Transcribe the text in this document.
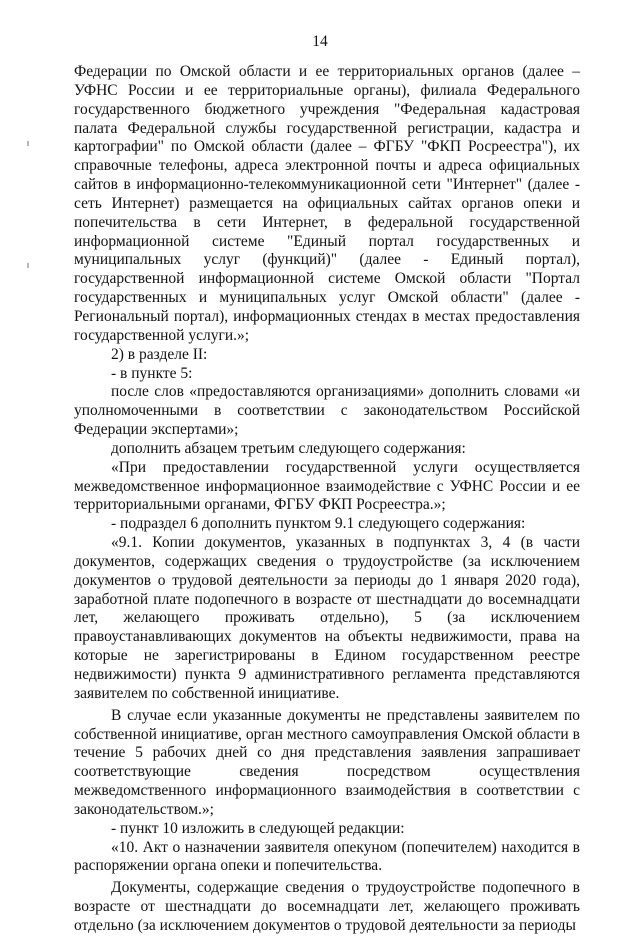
14

Федерации по Омской области и ее территориальных органов (далее – УФНС России и ее территориальные органы), филиала Федерального государственного бюджетного учреждения "Федеральная кадастровая палата Федеральной службы государственной регистрации, кадастра и картографии" по Омской области (далее – ФГБУ "ФКП Росреестра"), их справочные телефоны, адреса электронной почты и адреса официальных сайтов в информационно-телекоммуникационной сети "Интернет" (далее - сеть Интернет) размещается на официальных сайтах органов опеки и попечительства в сети Интернет, в федеральной государственной информационной системе "Единый портал государственных и муниципальных услуг (функций)" (далее - Единый портал), государственной информационной системе Омской области "Портал государственных и муниципальных услуг Омской области" (далее - Региональный портал), информационных стендах в местах предоставления государственной услуги.»;

2) в разделе II:

- в пункте 5:

после слов «предоставляются организациями» дополнить словами «и уполномоченными в соответствии с законодательством Российской Федерации экспертами»;

дополнить абзацем третьим следующего содержания:

«При предоставлении государственной услуги осуществляется межведомственное информационное взаимодействие с УФНС России и ее территориальными органами, ФГБУ ФКП Росреестра.»;

- подраздел 6 дополнить пунктом 9.1 следующего содержания:

«9.1. Копии документов, указанных в подпунктах 3, 4 (в части документов, содержащих сведения о трудоустройстве (за исключением документов о трудовой деятельности за периоды до 1 января 2020 года), заработной плате подопечного в возрасте от шестнадцати до восемнадцати лет, желающего проживать отдельно), 5 (за исключением правоустанавливающих документов на объекты недвижимости, права на которые не зарегистрированы в Едином государственном реестре недвижимости) пункта 9 административного регламента представляются заявителем по собственной инициативе.

В случае если указанные документы не представлены заявителем по собственной инициативе, орган местного самоуправления Омской области в течение 5 рабочих дней со дня представления заявления запрашивает соответствующие сведения посредством осуществления межведомственного информационного взаимодействия в соответствии с законодательством.»;

- пункт 10 изложить в следующей редакции:

«10. Акт о назначении заявителя опекуном (попечителем) находится в распоряжении органа опеки и попечительства.

Документы, содержащие сведения о трудоустройстве подопечного в возрасте от шестнадцати до восемнадцати лет, желающего проживать отдельно (за исключением документов о трудовой деятельности за периоды
